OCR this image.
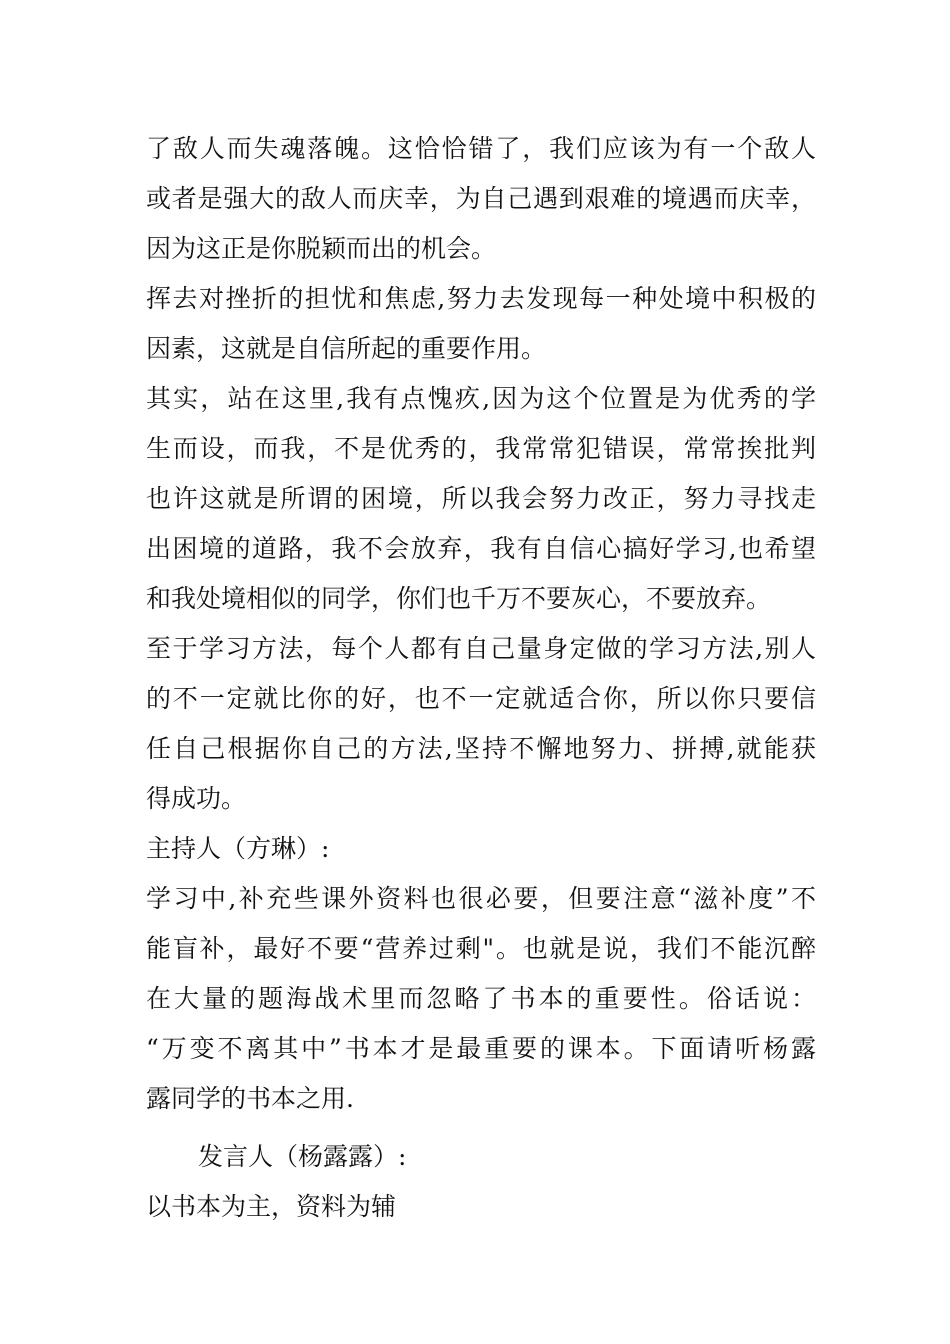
了敌人而失魂落魄。这恰恰错了，我们应该为有一个敌人
或者是强大的敌人而庆幸，为自己遇到艰难的境遇而庆幸，
因为这正是你脱颖而出的机会。
挥去对挫折的担忧和焦虑,努力去发现每一种处境中积极的
因素，这就是自信所起的重要作用。
其实，站在这里,我有点愧疚,因为这个位置是为优秀的学
生而设，而我，不是优秀的，我常常犯错误，常常挨批判
也许这就是所谓的困境，所以我会努力改正，努力寻找走
出困境的道路，我不会放弃，我有自信心搞好学习,也希望
和我处境相似的同学，你们也千万不要灰心，不要放弃。
至于学习方法，每个人都有自己量身定做的学习方法,别人
的不一定就比你的好，也不一定就适合你，所以你只要信
任自己根据你自己的方法,坚持不懈地努力、拼搏,就能获
得成功。
主持人（方琳）:
学习中,补充些课外资料也很必要，但要注意“滋补度”不
能盲补，最好不要“营养过剩"。也就是说，我们不能沉醉
在大量的题海战术里而忽略了书本的重要性。俗话说：
“万变不离其中”书本才是最重要的课本。下面请听杨露
露同学的书本之用.
发言人（杨露露）:
以书本为主，资料为辅
